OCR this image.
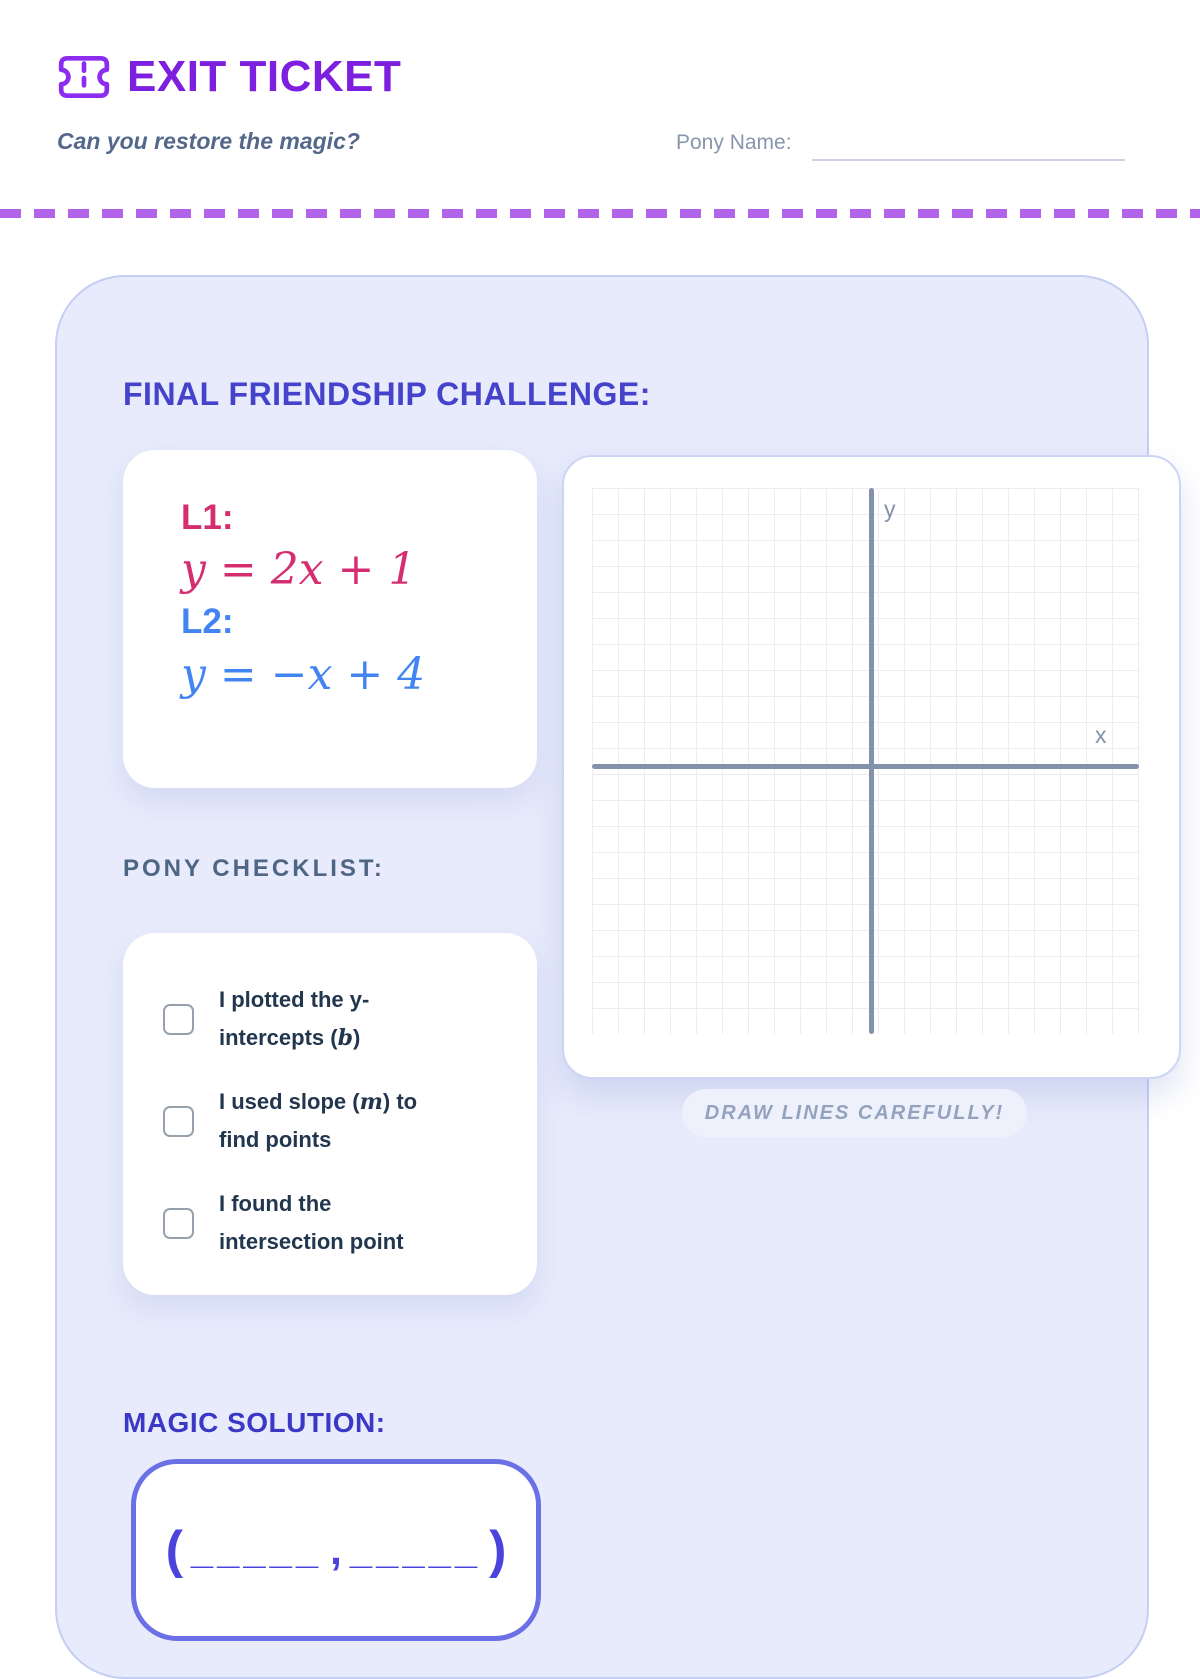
EXIT TICKET
Can you restore the magic?	Pony Name:
FINAL FRIENDSHIP CHALLENGE:
L1:
y = 2x + 1
L2:
y = −x + 4
y
x
PONY CHECKLIST:
I plotted the y-intercepts (b)
I used slope (m) to find points
I found the intersection point
DRAW LINES CAREFULLY!
MAGIC SOLUTION:
( _____ , _____ )
